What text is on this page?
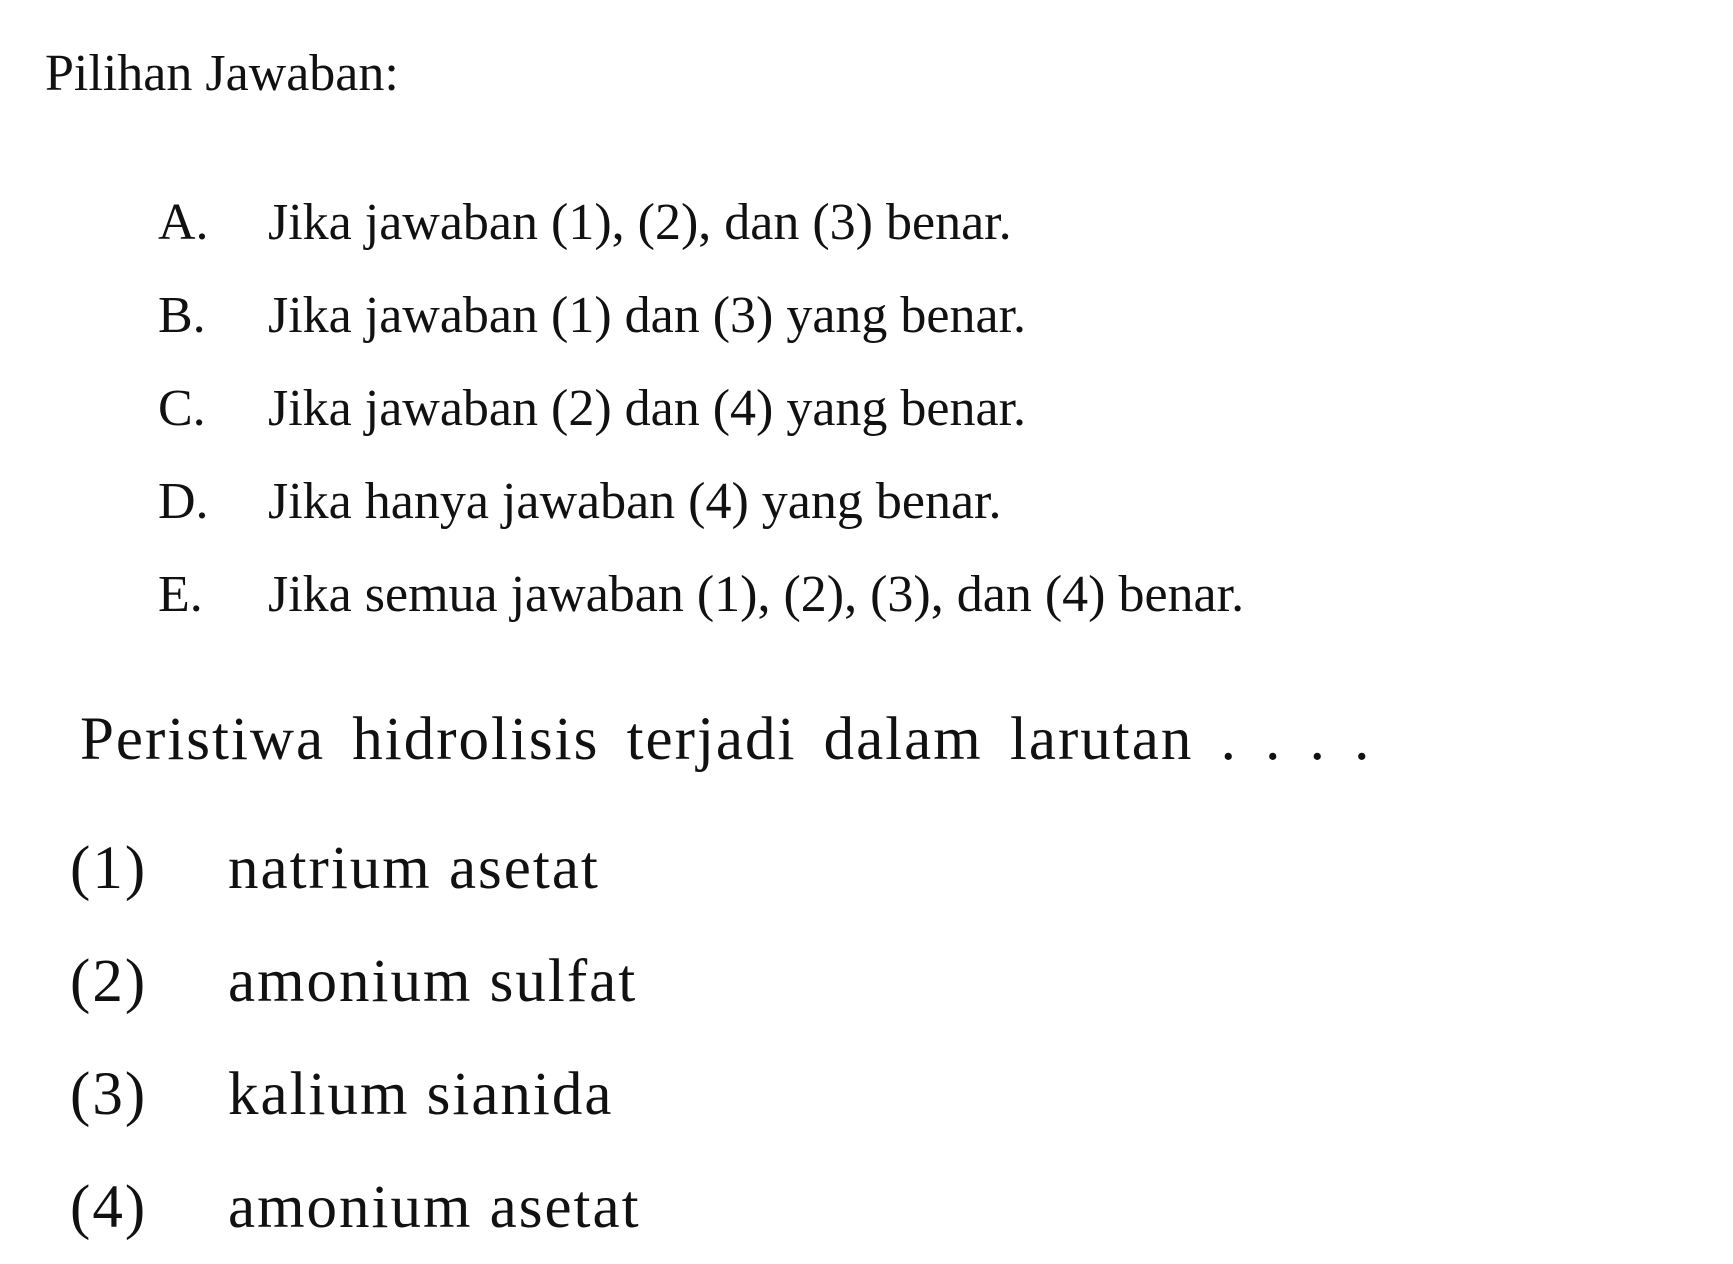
Pilihan Jawaban:
A.	Jika jawaban (1), (2), dan (3) benar.
B.	Jika jawaban (1) dan (3) yang benar.
C.	Jika jawaban (2) dan (4) yang benar.
D.	Jika hanya jawaban (4) yang benar.
E.	Jika semua jawaban (1), (2), (3), dan (4) benar.
Peristiwa hidrolisis terjadi dalam larutan . . . .
(1)	natrium asetat
(2)	amonium sulfat
(3)	kalium sianida
(4)	amonium asetat
